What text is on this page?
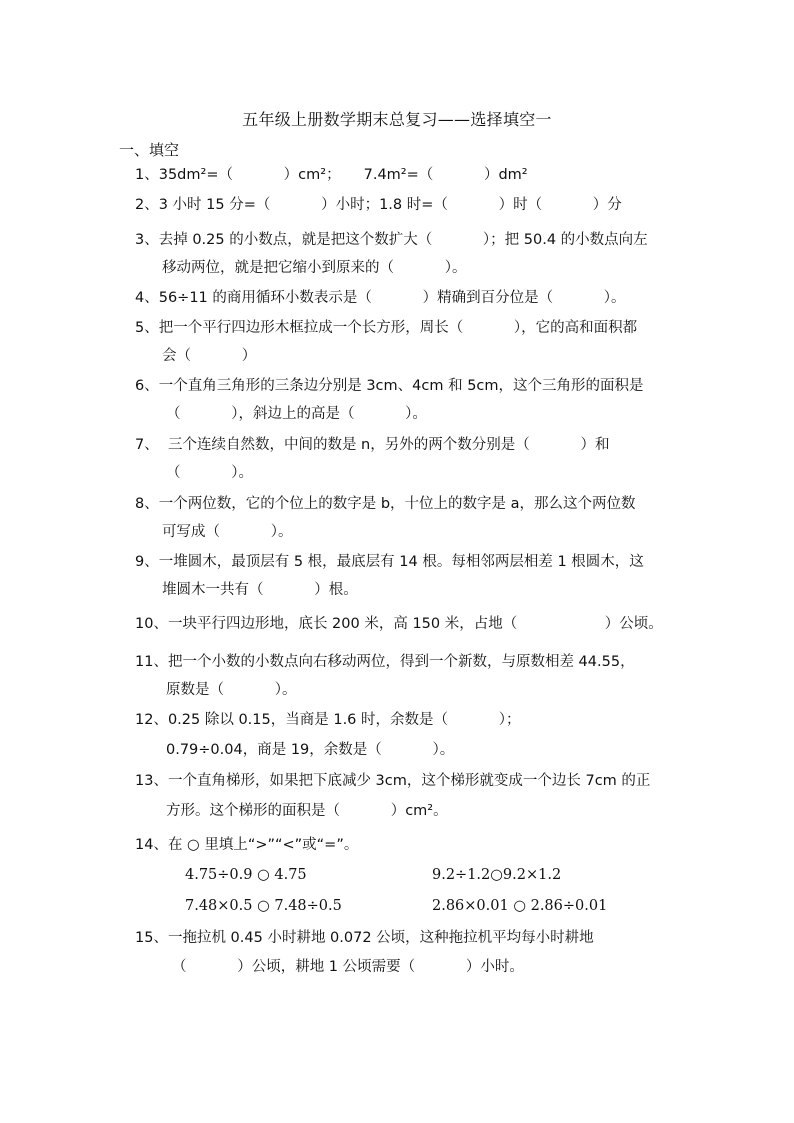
五年级上册数学期末总复习——选择填空一
一、填空
1、35dm²=（           ）cm²；     7.4m²=（           ）dm²
2、3 小时 15 分=（           ）小时；1.8 时=（           ）时（           ）分
3、去掉 0.25 的小数点，就是把这个数扩大（           ）；把 50.4 的小数点向左
移动两位，就是把它缩小到原来的（           ）。
4、56÷11 的商用循环小数表示是（           ）精确到百分位是（           ）。
5、把一个平行四边形木框拉成一个长方形，周长（           ），它的高和面积都
会（           ）
6、一个直角三角形的三条边分别是 3cm、4cm 和 5cm，这个三角形的面积是
（           ），斜边上的高是（           ）。
7、  三个连续自然数，中间的数是 n，另外的两个数分别是（           ）和
（           ）。
8、一个两位数，它的个位上的数字是 b，十位上的数字是 a，那么这个两位数
可写成（           ）。
9、一堆圆木，最顶层有 5 根，最底层有 14 根。每相邻两层相差 1 根圆木，这
堆圆木一共有（           ）根。
10、一块平行四边形地，底长 200 米，高 150 米，占地（                   ）公顷。
11、把一个小数的小数点向右移动两位，得到一个新数，与原数相差 44.55，
原数是（           ）。
12、0.25 除以 0.15，当商是 1.6 时，余数是（           ）；
0.79÷0.04，商是 19，余数是（           ）。
13、一个直角梯形，如果把下底减少 3cm，这个梯形就变成一个边长 7cm 的正
方形。这个梯形的面积是（           ）cm²。
14、在 ○ 里填上“>”“<”或“=”。
4.75÷0.9 ○ 4.75	9.2÷1.2○9.2×1.2
7.48×0.5 ○ 7.48÷0.5	2.86×0.01 ○ 2.86÷0.01
15、一拖拉机 0.45 小时耕地 0.072 公顷，这种拖拉机平均每小时耕地
（           ）公顷，耕地 1 公顷需要（           ）小时。
